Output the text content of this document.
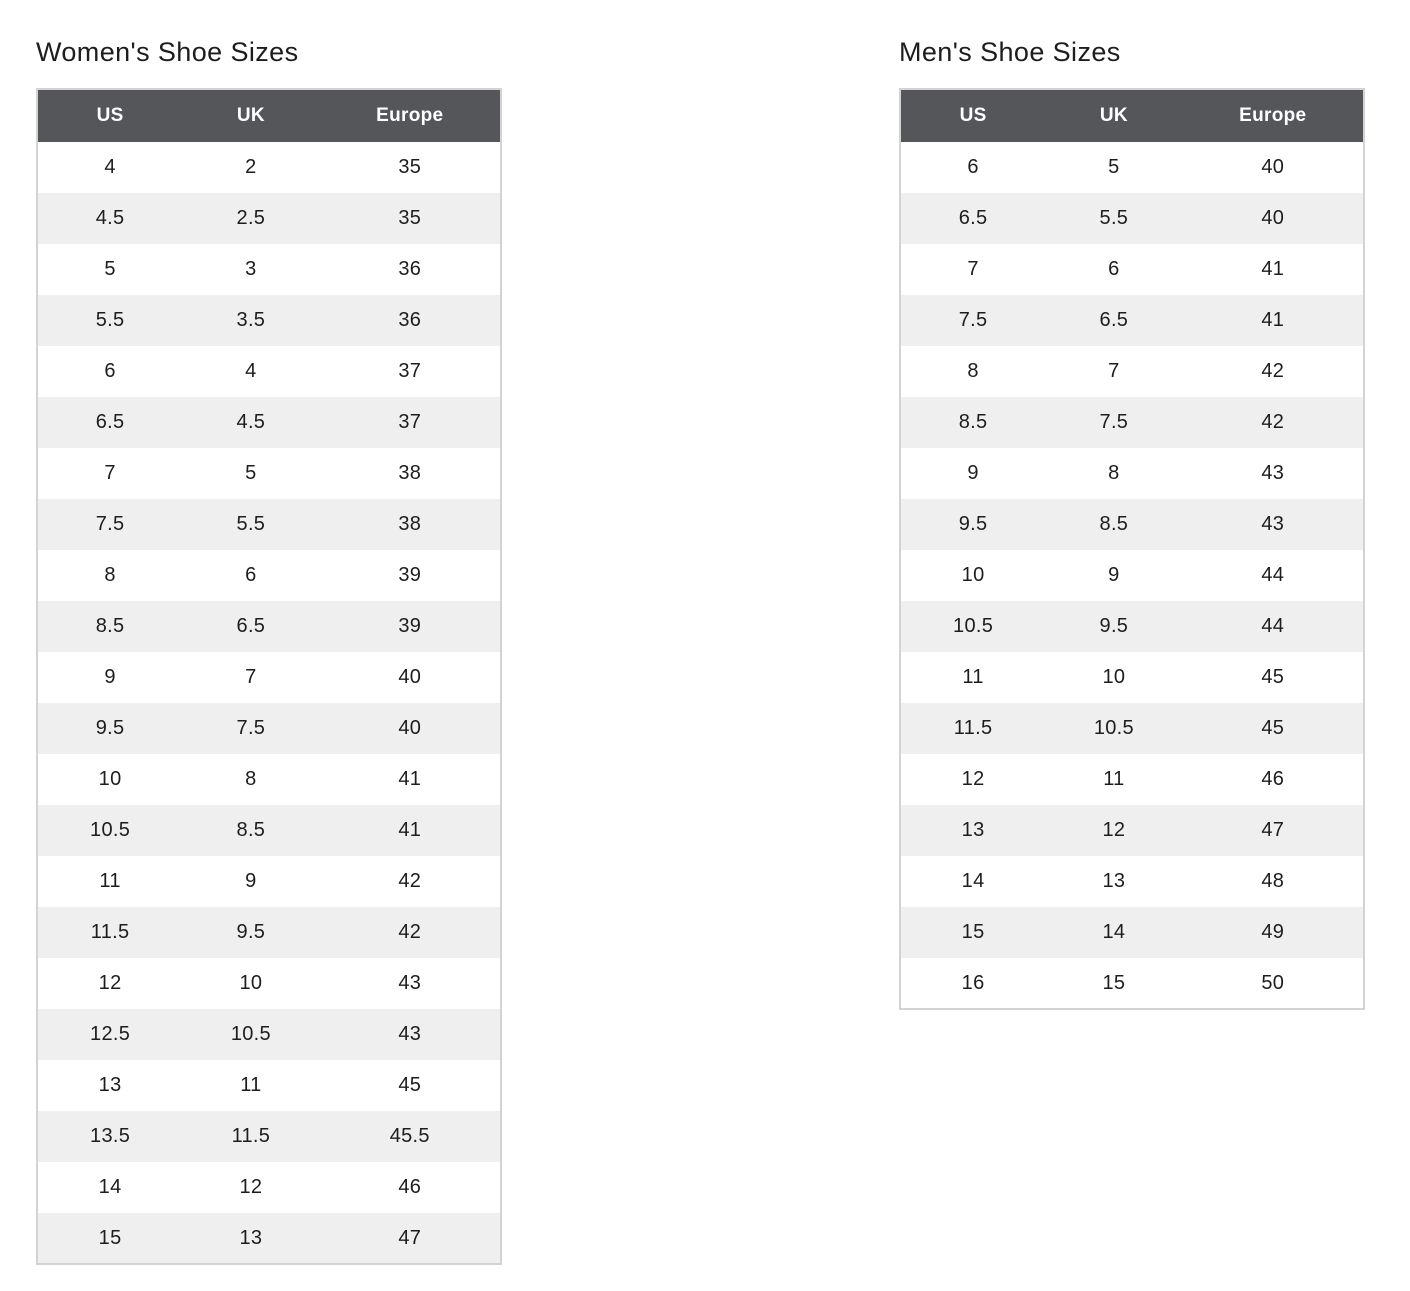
Women's Shoe Sizes
US	UK	Europe
4	2	35
4.5	2.5	35
5	3	36
5.5	3.5	36
6	4	37
6.5	4.5	37
7	5	38
7.5	5.5	38
8	6	39
8.5	6.5	39
9	7	40
9.5	7.5	40
10	8	41
10.5	8.5	41
11	9	42
11.5	9.5	42
12	10	43
12.5	10.5	43
13	11	45
13.5	11.5	45.5
14	12	46
15	13	47
Men's Shoe Sizes
US	UK	Europe
6	5	40
6.5	5.5	40
7	6	41
7.5	6.5	41
8	7	42
8.5	7.5	42
9	8	43
9.5	8.5	43
10	9	44
10.5	9.5	44
11	10	45
11.5	10.5	45
12	11	46
13	12	47
14	13	48
15	14	49
16	15	50
